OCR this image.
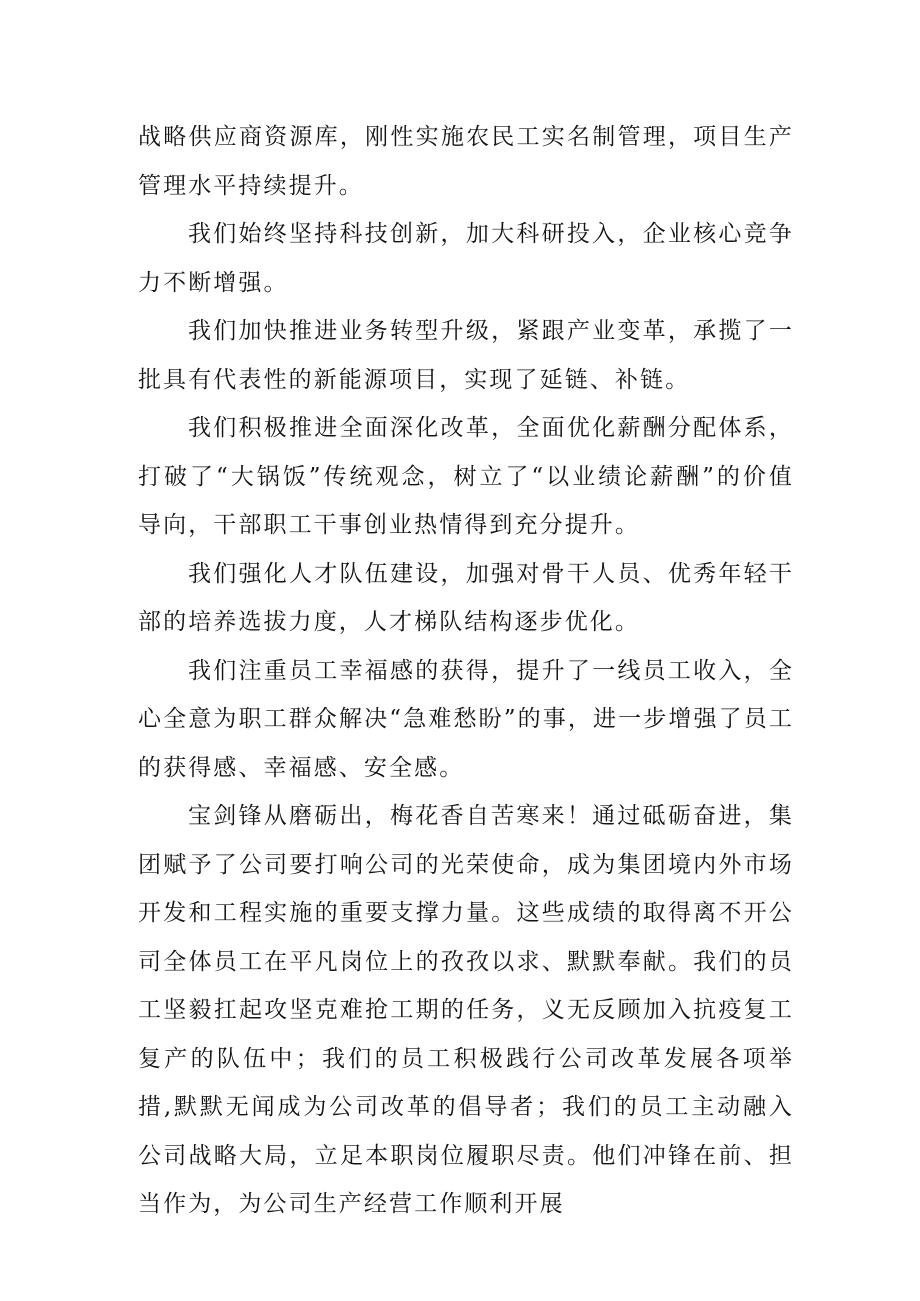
战略供应商资源库，刚性实施农民工实名制管理，项目生产管理水平持续提升。

我们始终坚持科技创新，加大科研投入，企业核心竞争力不断增强。

我们加快推进业务转型升级，紧跟产业变革，承揽了一批具有代表性的新能源项目，实现了延链、补链。

我们积极推进全面深化改革，全面优化薪酬分配体系，打破了“大锅饭”传统观念，树立了“以业绩论薪酬”的价值导向，干部职工干事创业热情得到充分提升。

我们强化人才队伍建设，加强对骨干人员、优秀年轻干部的培养选拔力度，人才梯队结构逐步优化。

我们注重员工幸福感的获得，提升了一线员工收入，全心全意为职工群众解决“急难愁盼”的事，进一步增强了员工的获得感、幸福感、安全感。

宝剑锋从磨砺出，梅花香自苦寒来！通过砥砺奋进，集团赋予了公司要打响公司的光荣使命，成为集团境内外市场开发和工程实施的重要支撑力量。这些成绩的取得离不开公司全体员工在平凡岗位上的孜孜以求、默默奉献。我们的员工坚毅扛起攻坚克难抢工期的任务，义无反顾加入抗疫复工复产的队伍中；我们的员工积极践行公司改革发展各项举措,默默无闻成为公司改革的倡导者；我们的员工主动融入公司战略大局，立足本职岗位履职尽责。他们冲锋在前、担当作为，为公司生产经营工作顺利开展
